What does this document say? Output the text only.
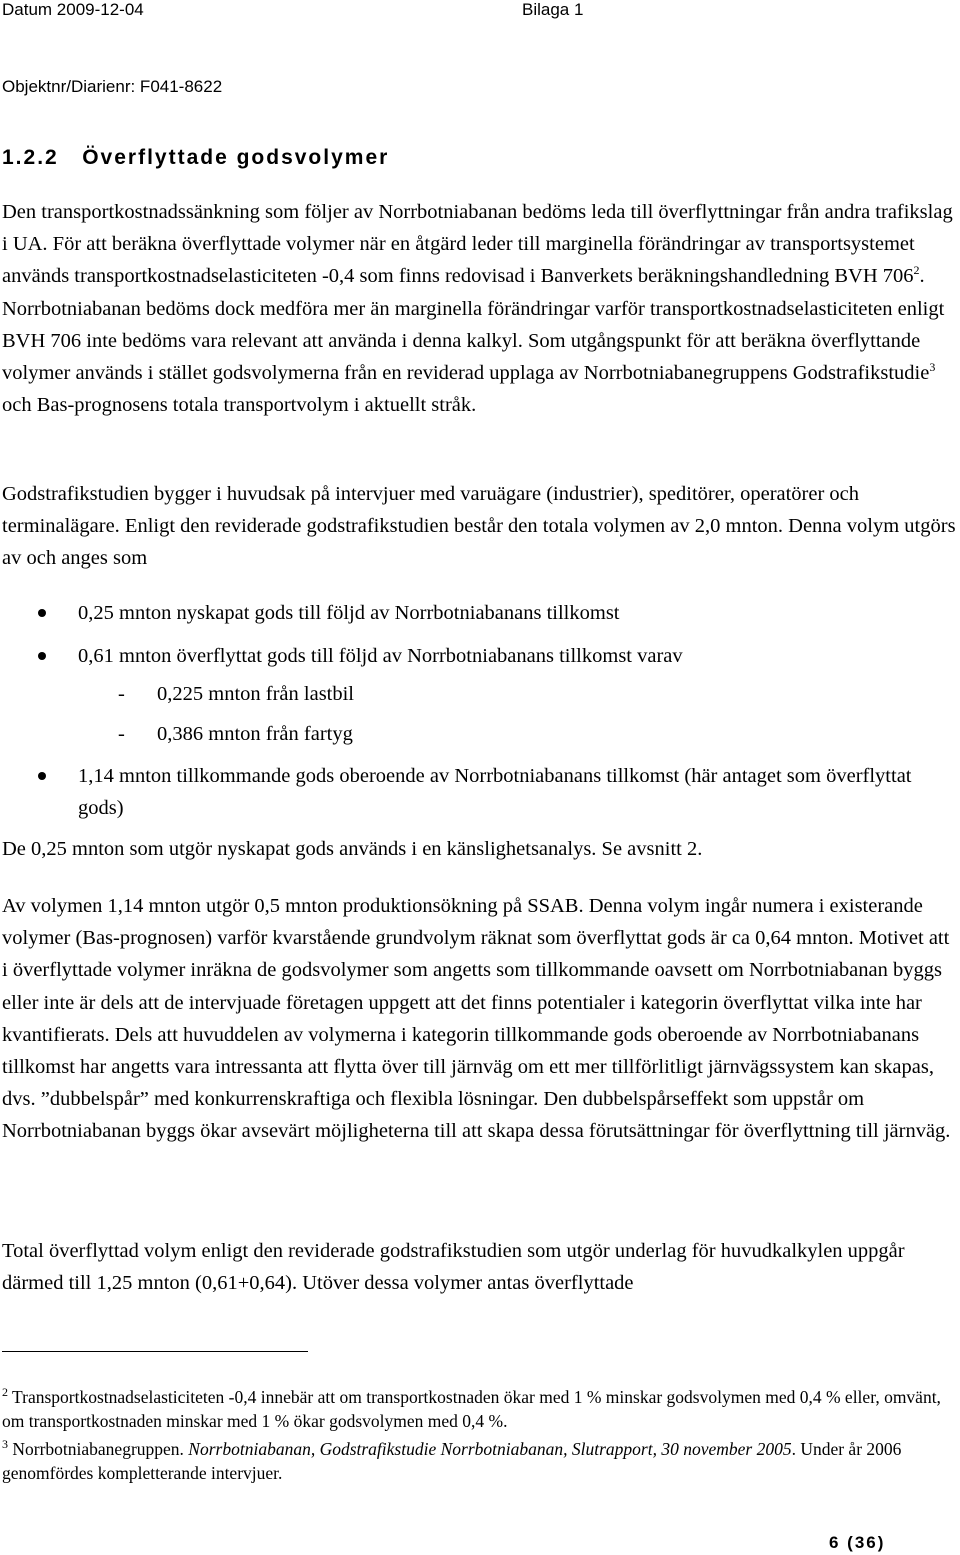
Datum 2009-12-04	Bilaga 1
Objektnr/Diarienr: F041-8622
1.2.2   Överflyttade godsvolymer
Den transportkostnadssänkning som följer av Norrbotniabanan bedöms leda till överflyttningar från andra trafikslag i UA. För att beräkna överflyttade volymer när en åtgärd leder till marginella förändringar av transportsystemet används transportkostnadselasticiteten -0,4 som finns redovisad i Banverkets beräkningshandledning BVH $706^2$. Norrbotniabanan bedöms dock medföra mer än marginella förändringar varför transportkostnadselasticiteten enligt BVH 706 inte bedöms vara relevant att använda i denna kalkyl. Som utgångspunkt för att beräkna överflyttande volymer används i stället godsvolymerna från en reviderad upplaga av Norrbotniabanegruppens Godstrafikstudie$^3$ och Bas-prognosens totala transportvolym i aktuellt stråk.
Godstrafikstudien bygger i huvudsak på intervjuer med varuägare (industrier), speditörer, operatörer och terminalägare. Enligt den reviderade godstrafikstudien består den totala volymen av 2,0 mnton. Denna volym utgörs av och anges som
0,25 mnton nyskapat gods till följd av Norrbotniabanans tillkomst
0,61 mnton överflyttat gods till följd av Norrbotniabanans tillkomst varav
- 0,225 mnton från lastbil
- 0,386 mnton från fartyg
1,14 mnton tillkommande gods oberoende av Norrbotniabanans tillkomst (här antaget som överflyttat gods)
De 0,25 mnton som utgör nyskapat gods används i en känslighetsanalys. Se avsnitt 2.
Av volymen 1,14 mnton utgör 0,5 mnton produktionsökning på SSAB. Denna volym ingår numera i existerande volymer (Bas-prognosen) varför kvarstående grundvolym räknat som överflyttat gods är ca 0,64 mnton. Motivet att i överflyttade volymer inräkna de godsvolymer som angetts som tillkommande oavsett om Norrbotniabanan byggs eller inte är dels att de intervjuade företagen uppgett att det finns potentialer i kategorin överflyttat vilka inte har kvantifierats. Dels att huvuddelen av volymerna i kategorin tillkommande gods oberoende av Norrbotniabanans tillkomst har angetts vara intressanta att flytta över till järnväg om ett mer tillförlitligt järnvägssystem kan skapas, dvs. ”dubbelspår” med konkurrenskraftiga och flexibla lösningar. Den dubbelspårseffekt som uppstår om Norrbotniabanan byggs ökar avsevärt möjligheterna till att skapa dessa förutsättningar för överflyttning till järnväg.
Total överflyttad volym enligt den reviderade godstrafikstudien som utgör underlag för huvudkalkylen uppgår därmed till 1,25 mnton (0,61+0,64). Utöver dessa volymer antas överflyttade
$^2$ Transportkostnadselasticiteten -0,4 innebär att om transportkostnaden ökar med 1 % minskar godsvolymen med 0,4 % eller, omvänt, om transportkostnaden minskar med 1 % ökar godsvolymen med 0,4 %.
$^3$ Norrbotniabanegruppen. Norrbotniabanan, Godstrafikstudie Norrbotniabanan, Slutrapport, 30 november 2005. Under år 2006 genomfördes kompletterande intervjuer.
6 (36)
